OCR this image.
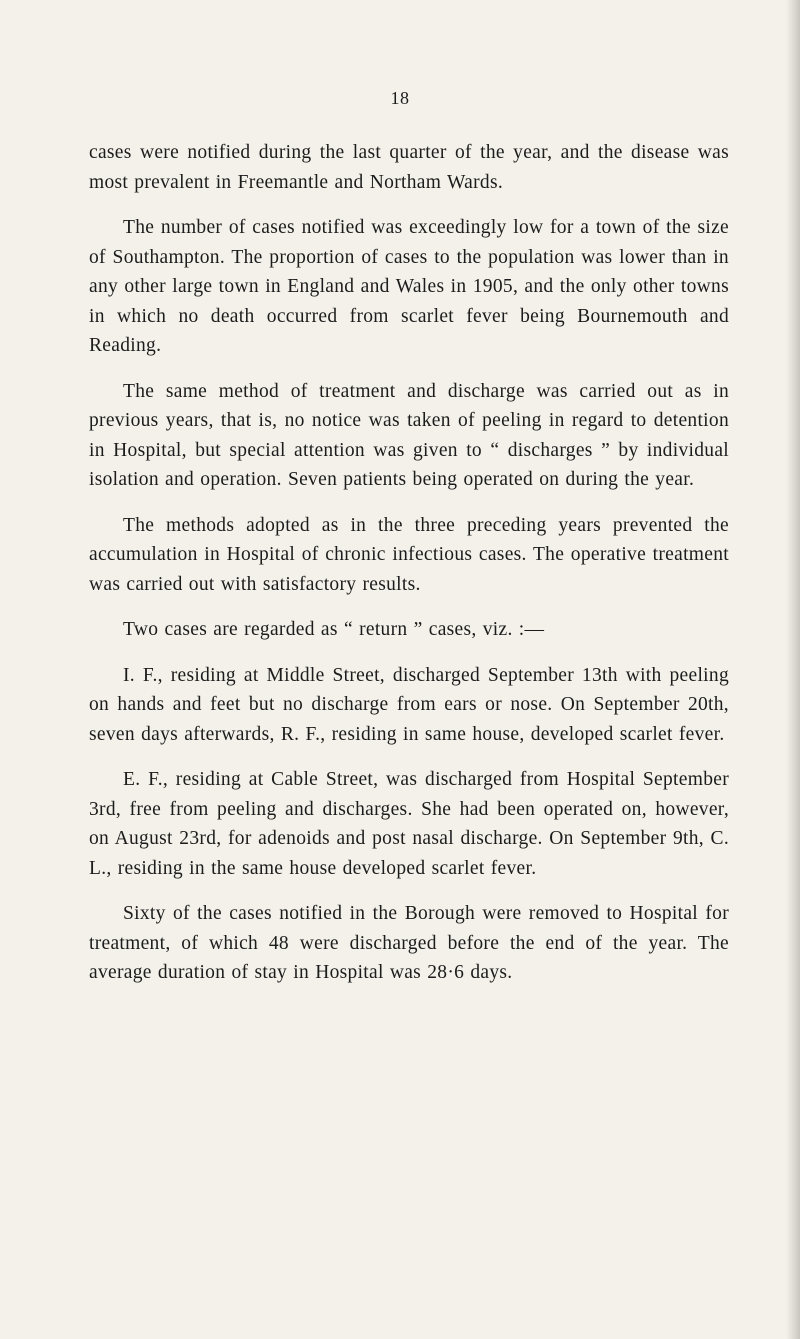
18

cases were notified during the last quarter of the year, and the disease was most prevalent in Freemantle and Northam Wards.

The number of cases notified was exceedingly low for a town of the size of Southampton. The proportion of cases to the population was lower than in any other large town in England and Wales in 1905, and the only other towns in which no death occurred from scarlet fever being Bournemouth and Reading.

The same method of treatment and discharge was carried out as in previous years, that is, no notice was taken of peeling in regard to detention in Hospital, but special attention was given to “ discharges ” by individual isolation and operation. Seven patients being operated on during the year.

The methods adopted as in the three preceding years prevented the accumulation in Hospital of chronic infectious cases. The operative treatment was carried out with satisfactory results.

Two cases are regarded as “ return ” cases, viz. :—

I. F., residing at Middle Street, discharged September 13th with peeling on hands and feet but no discharge from ears or nose. On September 20th, seven days afterwards, R. F., residing in same house, developed scarlet fever.

E. F., residing at Cable Street, was discharged from Hospital September 3rd, free from peeling and discharges. She had been operated on, however, on August 23rd, for adenoids and post nasal discharge. On September 9th, C. L., residing in the same house developed scarlet fever.

Sixty of the cases notified in the Borough were removed to Hospital for treatment, of which 48 were discharged before the end of the year. The average duration of stay in Hospital was 28·6 days.
